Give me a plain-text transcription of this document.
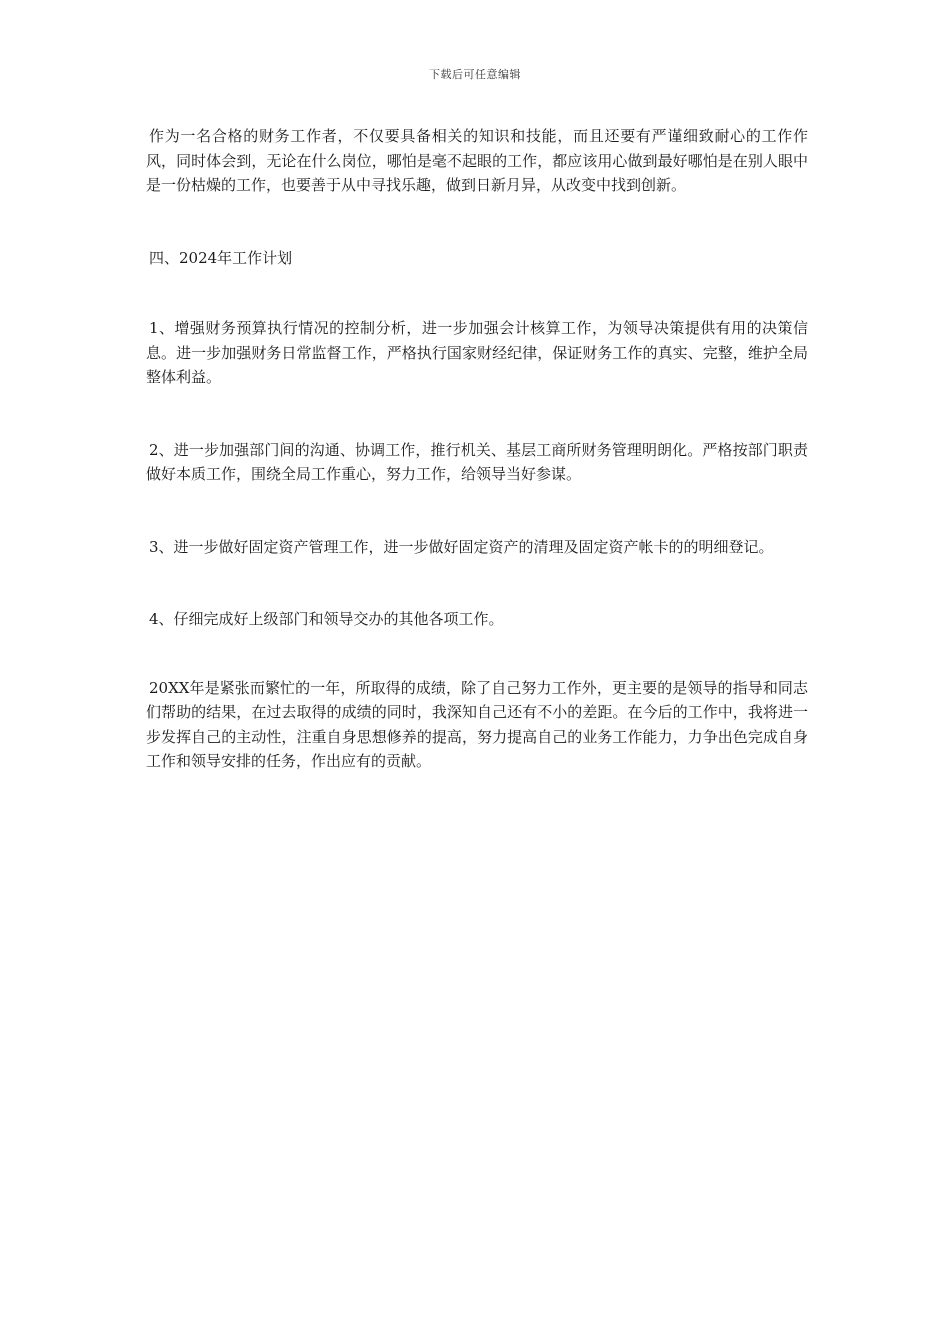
下载后可任意编辑

作为一名合格的财务工作者，不仅要具备相关的知识和技能，而且还要有严谨细致耐心的工作作风，同时体会到，无论在什么岗位，哪怕是毫不起眼的工作，都应该用心做到最好哪怕是在别人眼中是一份枯燥的工作，也要善于从中寻找乐趣，做到日新月异，从改变中找到创新。

四、2024年工作计划

1、增强财务预算执行情况的控制分析，进一步加强会计核算工作，为领导决策提供有用的决策信息。进一步加强财务日常监督工作，严格执行国家财经纪律，保证财务工作的真实、完整，维护全局整体利益。

2、进一步加强部门间的沟通、协调工作，推行机关、基层工商所财务管理明朗化。严格按部门职责做好本质工作，围绕全局工作重心，努力工作，给领导当好参谋。

3、进一步做好固定资产管理工作，进一步做好固定资产的清理及固定资产帐卡的的明细登记。

4、仔细完成好上级部门和领导交办的其他各项工作。

20XX年是紧张而繁忙的一年，所取得的成绩，除了自己努力工作外，更主要的是领导的指导和同志们帮助的结果，在过去取得的成绩的同时，我深知自己还有不小的差距。在今后的工作中，我将进一步发挥自己的主动性，注重自身思想修养的提高，努力提高自己的业务工作能力，力争出色完成自身工作和领导安排的任务，作出应有的贡献。
